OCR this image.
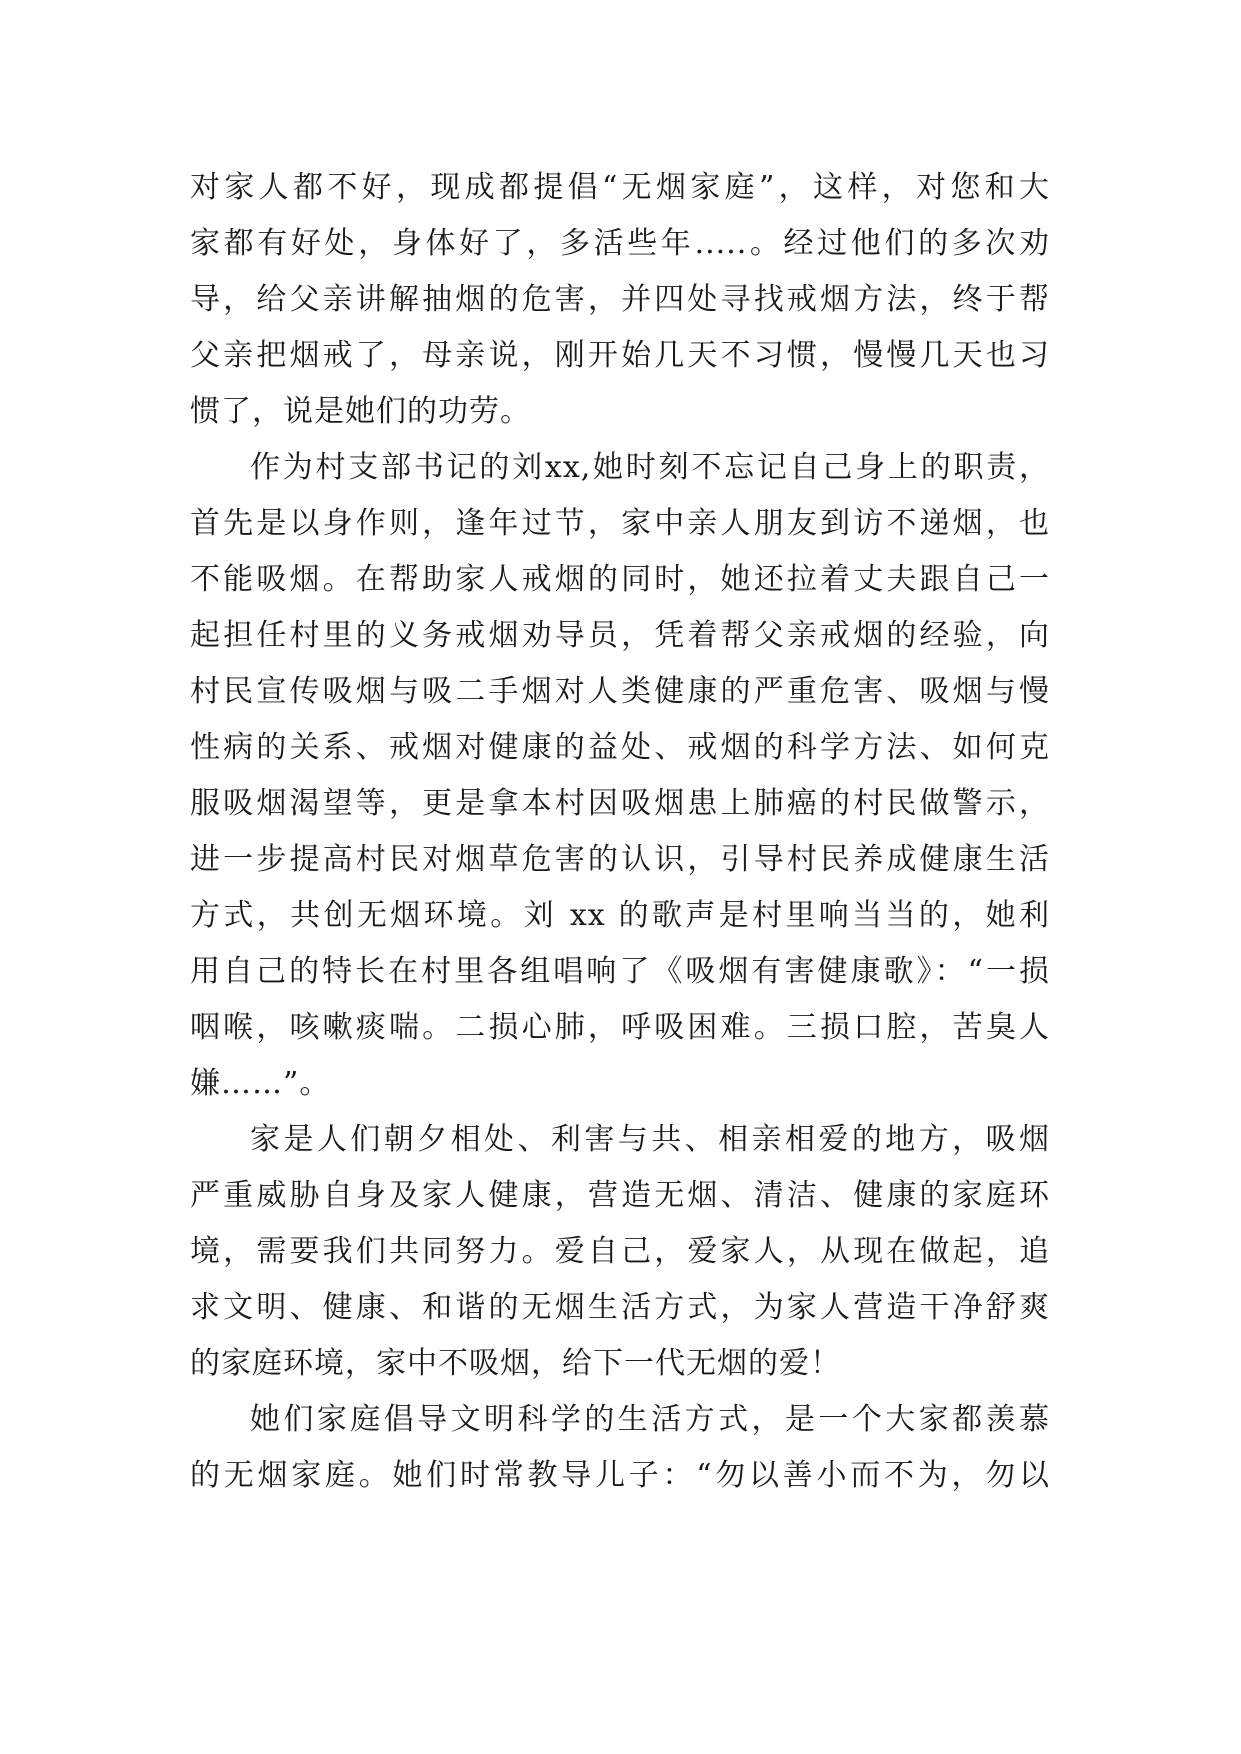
对家人都不好，现成都提倡“无烟家庭”，这样，对您和大
家都有好处，身体好了，多活些年.....。经过他们的多次劝
导，给父亲讲解抽烟的危害，并四处寻找戒烟方法，终于帮
父亲把烟戒了，母亲说，刚开始几天不习惯，慢慢几天也习
惯了，说是她们的功劳。
作为村支部书记的刘xx,她时刻不忘记自己身上的职责，
首先是以身作则，逢年过节，家中亲人朋友到访不递烟，也
不能吸烟。在帮助家人戒烟的同时，她还拉着丈夫跟自己一
起担任村里的义务戒烟劝导员，凭着帮父亲戒烟的经验，向
村民宣传吸烟与吸二手烟对人类健康的严重危害、吸烟与慢
性病的关系、戒烟对健康的益处、戒烟的科学方法、如何克
服吸烟渴望等，更是拿本村因吸烟患上肺癌的村民做警示，
进一步提高村民对烟草危害的认识，引导村民养成健康生活
方式，共创无烟环境。刘 xx 的歌声是村里响当当的，她利
用自己的特长在村里各组唱响了《吸烟有害健康歌》：“一损
咽喉，咳嗽痰喘。二损心肺，呼吸困难。三损口腔，苦臭人
嫌……”。
家是人们朝夕相处、利害与共、相亲相爱的地方，吸烟
严重威胁自身及家人健康，营造无烟、清洁、健康的家庭环
境，需要我们共同努力。爱自己，爱家人，从现在做起，追
求文明、健康、和谐的无烟生活方式，为家人营造干净舒爽
的家庭环境，家中不吸烟，给下一代无烟的爱！
她们家庭倡导文明科学的生活方式，是一个大家都羡慕
的无烟家庭。她们时常教导儿子：“勿以善小而不为，勿以
